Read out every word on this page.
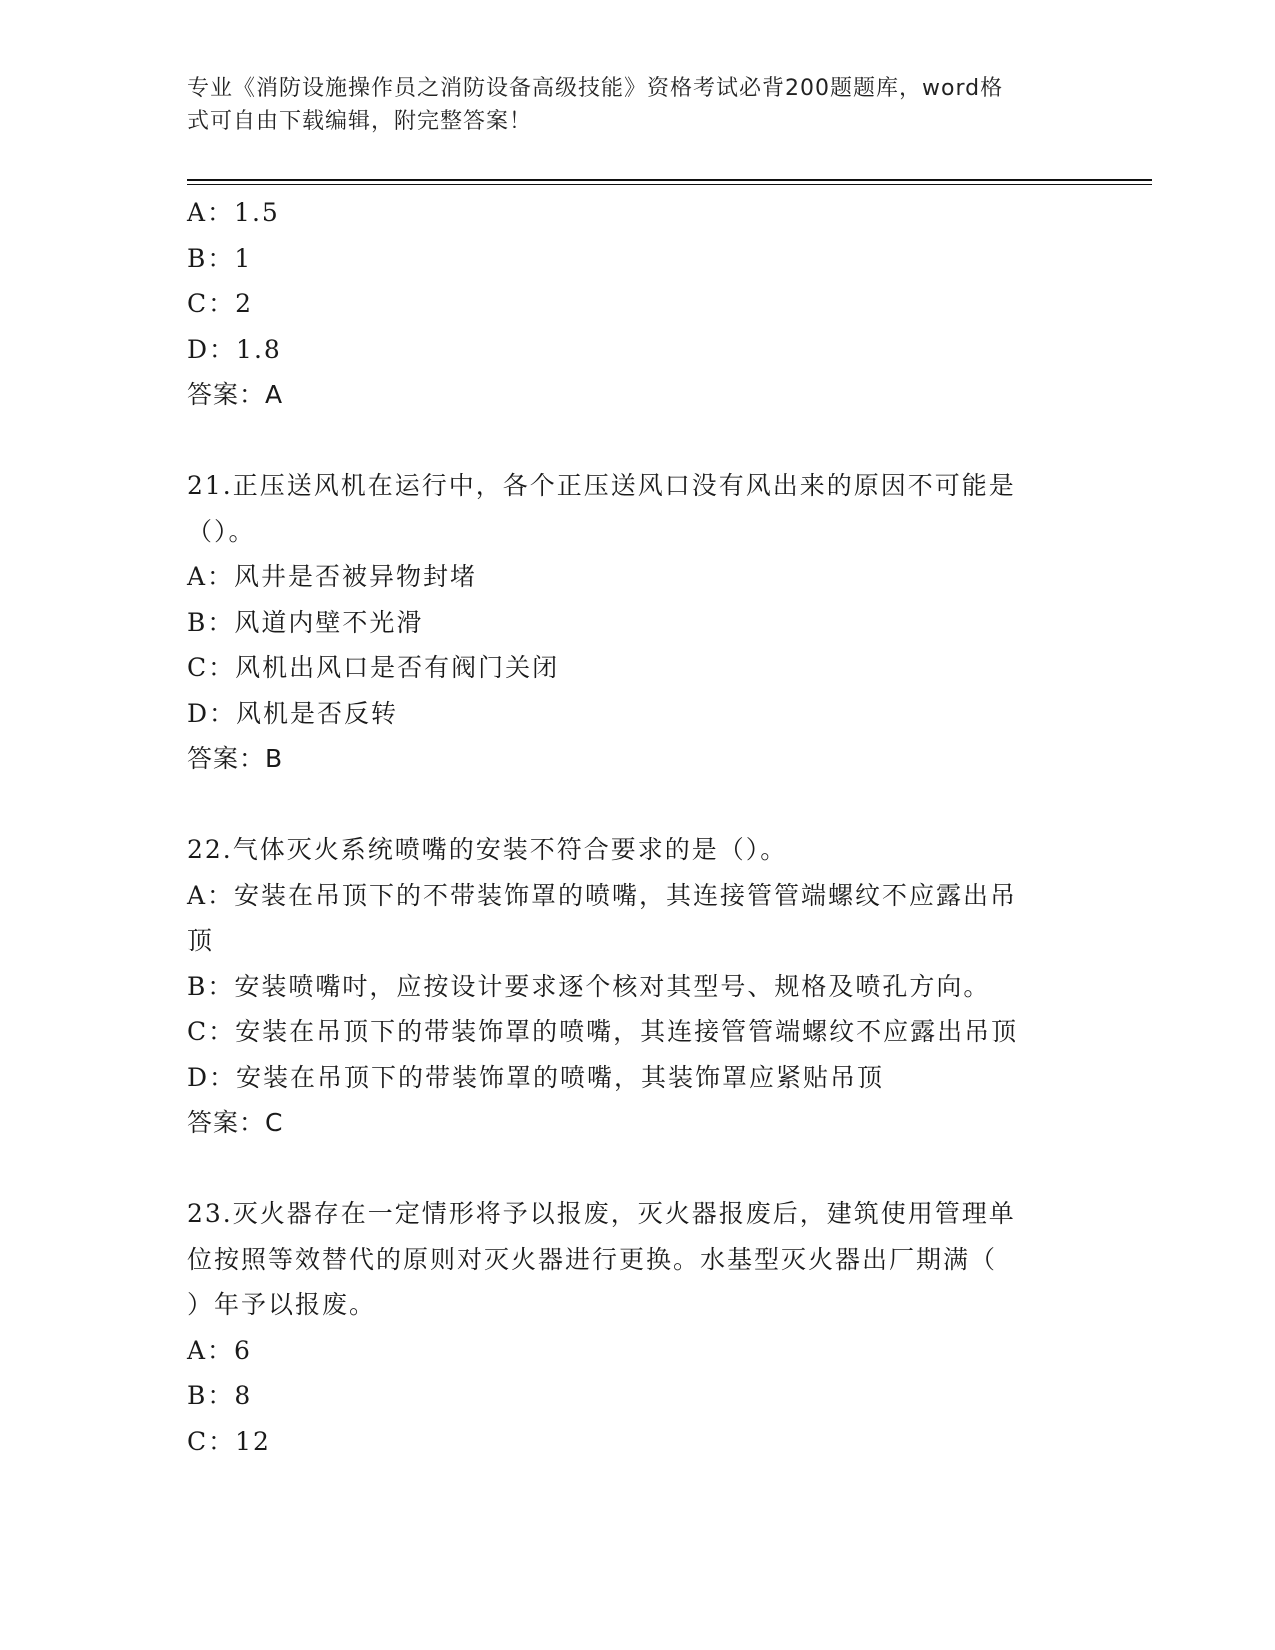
专业《消防设施操作员之消防设备高级技能》资格考试必背200题题库，word格
式可自由下载编辑，附完整答案！
A：1.5
B：1
C：2
D：1.8
答案：A
21.正压送风机在运行中，各个正压送风口没有风出来的原因不可能是
（）。
A：风井是否被异物封堵
B：风道内壁不光滑
C：风机出风口是否有阀门关闭
D：风机是否反转
答案：B
22.气体灭火系统喷嘴的安装不符合要求的是（）。
A：安装在吊顶下的不带装饰罩的喷嘴，其连接管管端螺纹不应露出吊
顶
B：安装喷嘴吋，应按设计要求逐个核对其型号、规格及喷孔方向。
C：安装在吊顶下的带装饰罩的喷嘴，其连接管管端螺纹不应露出吊顶
D：安装在吊顶下的带装饰罩的喷嘴，其装饰罩应紧贴吊顶
答案：C
23.灭火器存在一定情形将予以报废，灭火器报废后，建筑使用管理单
位按照等效替代的原则对灭火器进行更换。水基型灭火器出厂期满（
）年予以报废。
A：6
B：8
C：12
